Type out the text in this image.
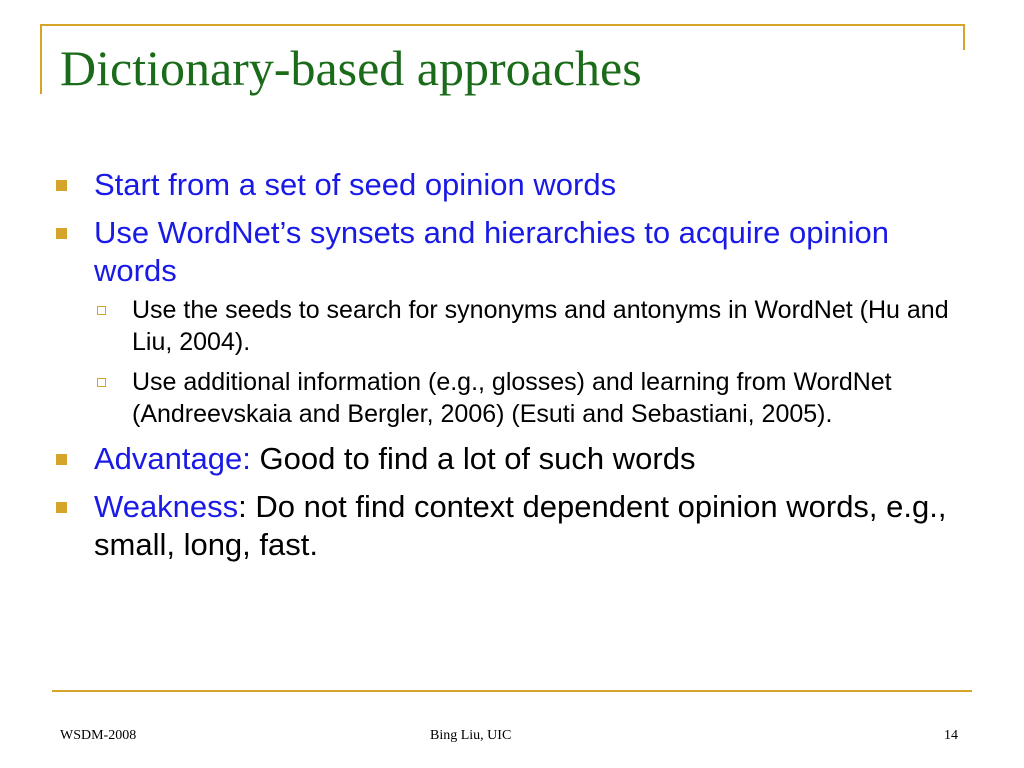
Dictionary-based approaches
Start from a set of seed opinion words
Use WordNet’s synsets and hierarchies to acquire opinion words
Use the seeds to search for synonyms and antonyms in WordNet (Hu and Liu, 2004).
Use additional information (e.g., glosses) and learning from WordNet (Andreevskaia and Bergler, 2006) (Esuti and Sebastiani, 2005).
Advantage: Good to find a lot of such words
Weakness: Do not find context dependent opinion words, e.g., small, long, fast.
WSDM-2008	Bing Liu, UIC	14
